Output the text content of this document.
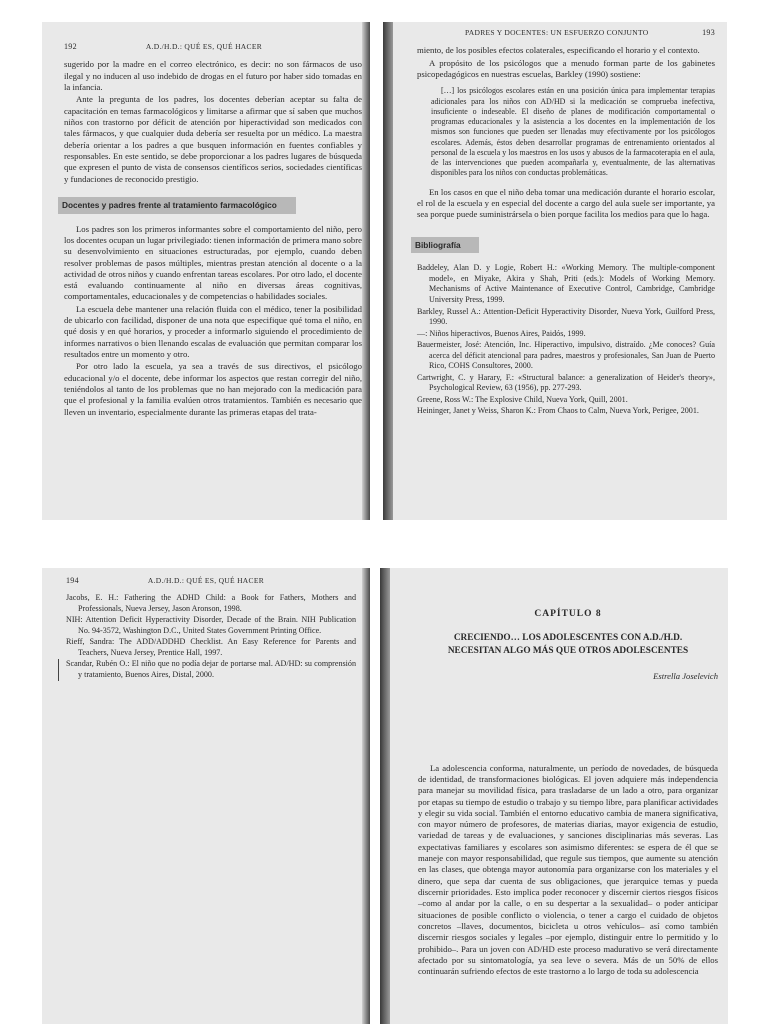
192	A.D./H.D.: QUÉ ES, QUÉ HACER

sugerido por la madre en el correo electrónico, es decir: no son fármacos de uso ilegal y no inducen al uso indebido de drogas en el futuro por haber sido tomadas en la infancia.

Ante la pregunta de los padres, los docentes deberían aceptar su falta de capacitación en temas farmacológicos y limitarse a afirmar que sí saben que muchos niños con trastorno por déficit de atención por hiperactividad son medicados con tales fármacos, y que cualquier duda debería ser resuelta por un médico. La maestra debería orientar a los padres a que busquen información en fuentes confiables y responsables. En este sentido, se debe proporcionar a los padres lugares de búsqueda que expresen el punto de vista de consensos científicos serios, sociedades científicas y fundaciones de reconocido prestigio.

Docentes y padres frente al tratamiento farmacológico

Los padres son los primeros informantes sobre el comportamiento del niño, pero los docentes ocupan un lugar privilegiado: tienen información de primera mano sobre su desenvolvimiento en situaciones estructuradas, por ejemplo, cuando deben resolver problemas de pasos múltiples, mientras prestan atención al docente o a la actividad de otros niños y cuando enfrentan tareas escolares. Por otro lado, el docente está evaluando continuamente al niño en diversas áreas cognitivas, comportamentales, educacionales y de competencias o habilidades sociales.

La escuela debe mantener una relación fluida con el médico, tener la posibilidad de ubicarlo con facilidad, disponer de una nota que especifique qué toma el niño, en qué dosis y en qué horarios, y proceder a informarlo siguiendo el procedimiento de informes narrativos o bien llenando escalas de evaluación que permitan comparar los resultados entre un momento y otro.

Por otro lado la escuela, ya sea a través de sus directivos, el psicólogo educacional y/o el docente, debe informar los aspectos que restan corregir del niño, teniéndolos al tanto de los problemas que no han mejorado con la medicación para que el profesional y la familia evalúen otros tratamientos. También es necesario que lleven un inventario, especialmente durante las primeras etapas del trata-

PADRES Y DOCENTES: UN ESFUERZO CONJUNTO	193

miento, de los posibles efectos colaterales, especificando el horario y el contexto.

A propósito de los psicólogos que a menudo forman parte de los gabinetes psicopedagógicos en nuestras escuelas, Barkley (1990) sostiene:

[…] los psicólogos escolares están en una posición única para implementar terapias adicionales para los niños con AD/HD si la medicación se comprueba inefectiva, insuficiente o indeseable. El diseño de planes de modificación comportamental o programas educacionales y la asistencia a los docentes en la implementación de los mismos son funciones que pueden ser llenadas muy efectivamente por los psicólogos escolares. Además, éstos deben desarrollar programas de entrenamiento orientados al personal de la escuela y los maestros en los usos y abusos de la farmacoterapia en el aula, de las intervenciones que pueden acompañarla y, eventualmente, de las alternativas disponibles para los niños con conductas problemáticas.

En los casos en que el niño deba tomar una medicación durante el horario escolar, el rol de la escuela y en especial del docente a cargo del aula suele ser importante, ya sea porque puede suministrársela o bien porque facilita los medios para que lo haga.

Bibliografía

Baddeley, Alan D. y Logie, Robert H.: «Working Memory. The multiple-component model», en Miyake, Akira y Shah, Priti (eds.): Models of Working Memory. Mechanisms of Active Maintenance of Executive Control, Cambridge, Cambridge University Press, 1999.

Barkley, Russel A.: Attention-Deficit Hyperactivity Disorder, Nueva York, Guilford Press, 1990.

—: Niños hiperactivos, Buenos Aires, Paidós, 1999.

Bauermeister, José: Atención, Inc. Hiperactivo, impulsivo, distraído. ¿Me conoces? Guía acerca del déficit atencional para padres, maestros y profesionales, San Juan de Puerto Rico, COHS Consultores, 2000.

Cartwright, C. y Harary, F.: «Structural balance: a generalization of Heider's theory», Psychological Review, 63 (1956), pp. 277-293.

Greene, Ross W.: The Explosive Child, Nueva York, Quill, 2001.

Heininger, Janet y Weiss, Sharon K.: From Chaos to Calm, Nueva York, Perigee, 2001.

194	A.D./H.D.: QUÉ ES, QUÉ HACER

Jacobs, E. H.: Fathering the ADHD Child: a Book for Fathers, Mothers and Professionals, Nueva Jersey, Jason Aronson, 1998.

NIH: Attention Deficit Hyperactivity Disorder, Decade of the Brain. NIH Publication No. 94-3572, Washington D.C., United States Government Printing Office.

Rieff, Sandra: The ADD/ADDHD Checklist. An Easy Reference for Parents and Teachers, Nueva Jersey, Prentice Hall, 1997.

Scandar, Rubén O.: El niño que no podía dejar de portarse mal. AD/HD: su comprensión y tratamiento, Buenos Aires, Distal, 2000.

CAPÍTULO 8
CRECIENDO… LOS ADOLESCENTES CON A.D./H.D.
NECESITAN ALGO MÁS QUE OTROS ADOLESCENTES
Estrella Joselevich

La adolescencia conforma, naturalmente, un período de novedades, de búsqueda de identidad, de transformaciones biológicas. El joven adquiere más independencia para manejar su movilidad física, para trasladarse de un lado a otro, para organizar por etapas su tiempo de estudio o trabajo y su tiempo libre, para planificar actividades y elegir su vida social. También el entorno educativo cambia de manera significativa, con mayor número de profesores, de materias diarias, mayor exigencia de estudio, variedad de tareas y de evaluaciones, y sanciones disciplinarias más severas. Las expectativas familiares y escolares son asimismo diferentes: se espera de él que se maneje con mayor responsabilidad, que regule sus tiempos, que aumente su atención en las clases, que obtenga mayor autonomía para organizarse con los materiales y el dinero, que sepa dar cuenta de sus obligaciones, que jerarquice temas y pueda discernir prioridades. Esto implica poder reconocer y discernir ciertos riesgos físicos –como al andar por la calle, o en su despertar a la sexualidad– o poder anticipar situaciones de posible conflicto o violencia, o tener a cargo el cuidado de objetos concretos –llaves, documentos, bicicleta u otros vehículos– así como también discernir riesgos sociales y legales –por ejemplo, distinguir entre lo permitido y lo prohibido–. Para un joven con AD/HD este proceso madurativo se verá directamente afectado por su sintomatología, ya sea leve o severa. Más de un 50% de ellos continuarán sufriendo efectos de este trastorno a lo largo de toda su adolescencia
